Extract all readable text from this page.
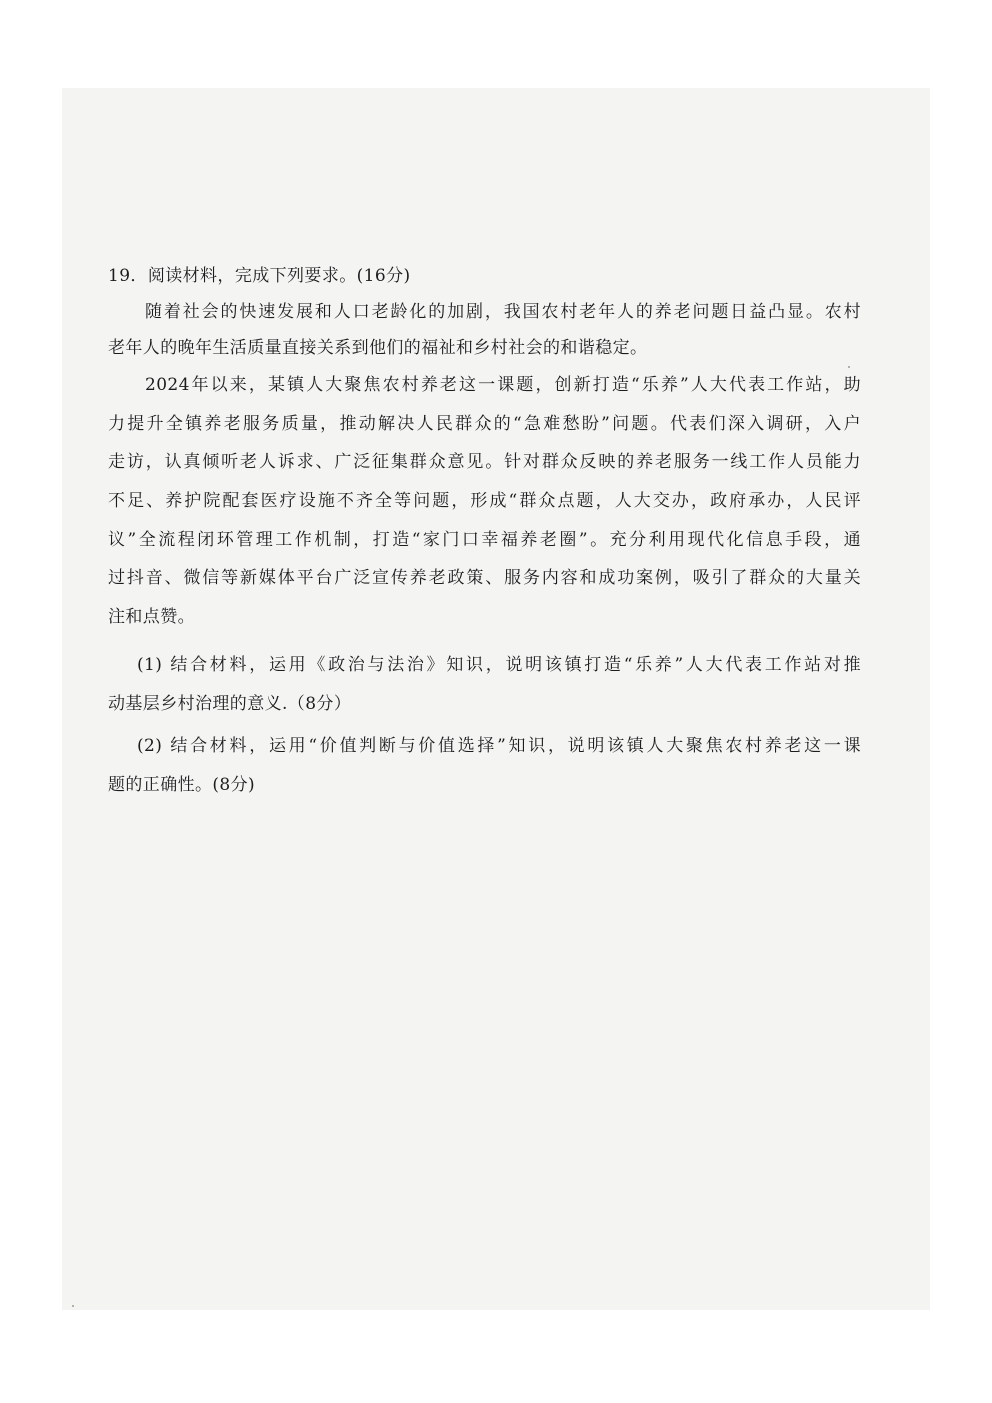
19．阅读材料，完成下列要求。(16分)
随着社会的快速发展和人口老龄化的加剧，我国农村老年人的养老问题日益凸显。农村
老年人的晚年生活质量直接关系到他们的福祉和乡村社会的和谐稳定。
2024年以来，某镇人大聚焦农村养老这一课题，创新打造“乐养”人大代表工作站，助
力提升全镇养老服务质量，推动解决人民群众的“急难愁盼”问题。代表们深入调研，入户
走访，认真倾听老人诉求、广泛征集群众意见。针对群众反映的养老服务一线工作人员能力
不足、养护院配套医疗设施不齐全等问题，形成“群众点题，人大交办，政府承办，人民评
议”全流程闭环管理工作机制，打造“家门口幸福养老圈”。充分利用现代化信息手段，通
过抖音、微信等新媒体平台广泛宣传养老政策、服务内容和成功案例，吸引了群众的大量关
注和点赞。
(1) 结合材料，运用《政治与法治》知识，说明该镇打造“乐养”人大代表工作站对推
动基层乡村治理的意义.（8分）
(2) 结合材料，运用“价值判断与价值选择”知识，说明该镇人大聚焦农村养老这一课
题的正确性。(8分)
